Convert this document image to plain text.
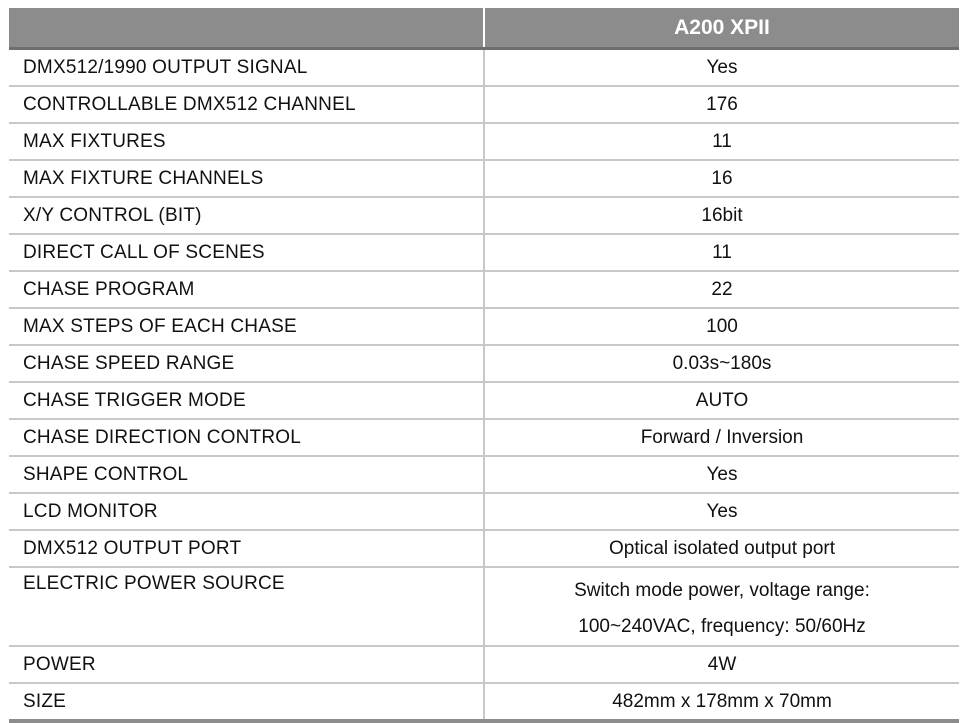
	A200 XPII
DMX512/1990 OUTPUT SIGNAL	Yes
CONTROLLABLE DMX512 CHANNEL	176
MAX FIXTURES	11
MAX FIXTURE CHANNELS	16
X/Y CONTROL (BIT)	16bit
DIRECT CALL OF SCENES	11
CHASE PROGRAM	22
MAX STEPS OF EACH CHASE	100
CHASE SPEED RANGE	0.03s~180s
CHASE TRIGGER MODE	AUTO
CHASE DIRECTION CONTROL	Forward / Inversion
SHAPE CONTROL	Yes
LCD MONITOR	Yes
DMX512 OUTPUT PORT	Optical isolated output port
ELECTRIC POWER SOURCE	Switch mode power, voltage range:
100~240VAC, frequency: 50/60Hz

POWER	4W
SIZE	482mm x 178mm x 70mm
